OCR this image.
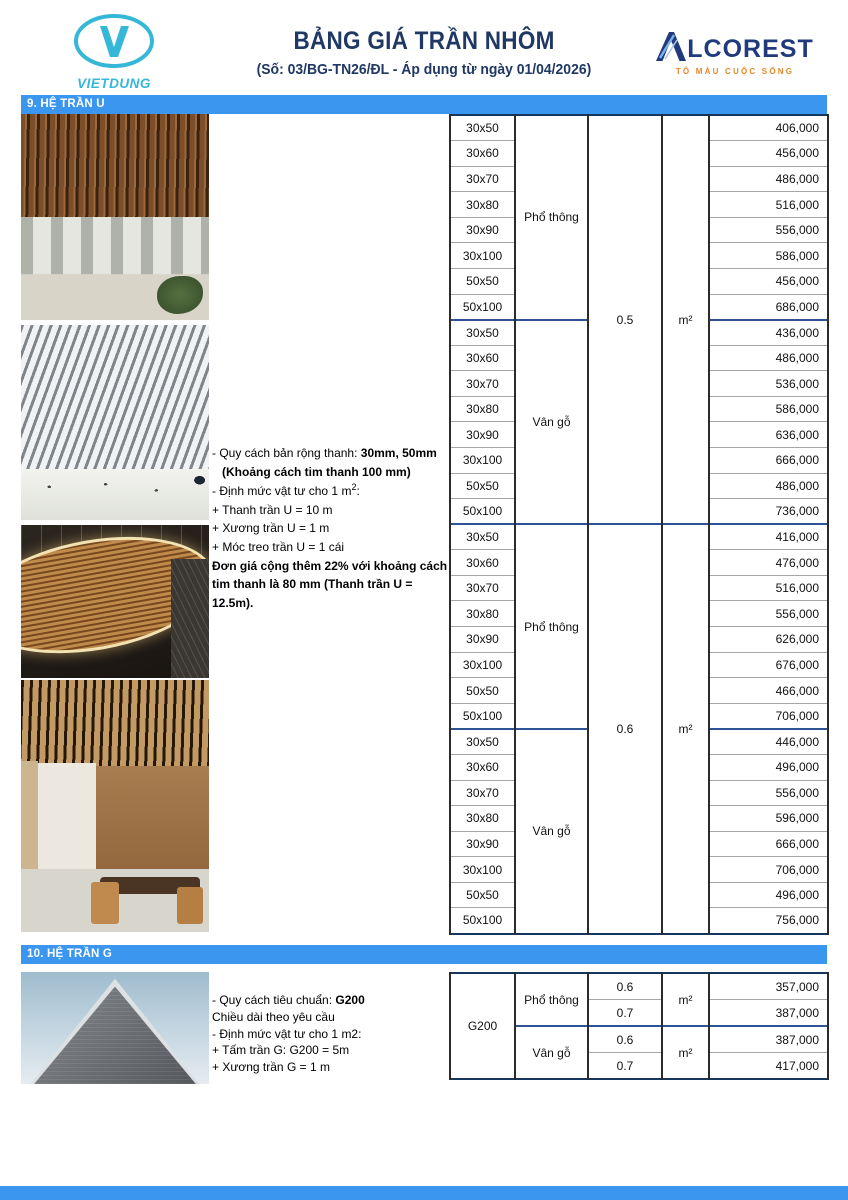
VIETDUNG
BẢNG GIÁ TRẦN NHÔM
(Số: 03/BG-TN26/ĐL - Áp dụng từ ngày 01/04/2026)
LCOREST
TÔ MÀU CUỘC SỐNG
9. HỆ TRẦN U
- Quy cách bản rộng thanh: 30mm, 50mm
(Khoảng cách tim thanh 100 mm)
- Định mức vật tư cho 1 $m^2$:
+ Thanh trần U = 10 m
+ Xương trần U = 1 m
+ Móc treo trần U = 1 cái
Đơn giá cộng thêm 22% với khoảng cách tim thanh là 80 mm (Thanh trần U = 12.5m).
30x50	Phổ thông	0.5	m²	406,000
30x60				456,000
30x70				486,000
30x80				516,000
30x90				556,000
30x100				586,000
50x50				456,000
50x100				686,000
30x50	Vân gỗ			436,000
30x60				486,000
30x70				536,000
30x80				586,000
30x90				636,000
30x100				666,000
50x50				486,000
50x100				736,000
30x50	Phổ thông	0.6	m²	416,000
30x60				476,000
30x70				516,000
30x80				556,000
30x90				626,000
30x100				676,000
50x50				466,000
50x100				706,000
30x50	Vân gỗ			446,000
30x60				496,000
30x70				556,000
30x80				596,000
30x90				666,000
30x100				706,000
50x50				496,000
50x100				756,000
10. HỆ TRẦN G
- Quy cách tiêu chuẩn: G200
Chiều dài theo yêu cầu
- Định mức vật tư cho 1 m2:
+ Tấm trần G: G200 = 5m
+ Xương trần G = 1 m
G200	Phổ thông	0.6	m²	357,000
		0.7		387,000
	Vân gỗ	0.6	m²	387,000
		0.7		417,000
